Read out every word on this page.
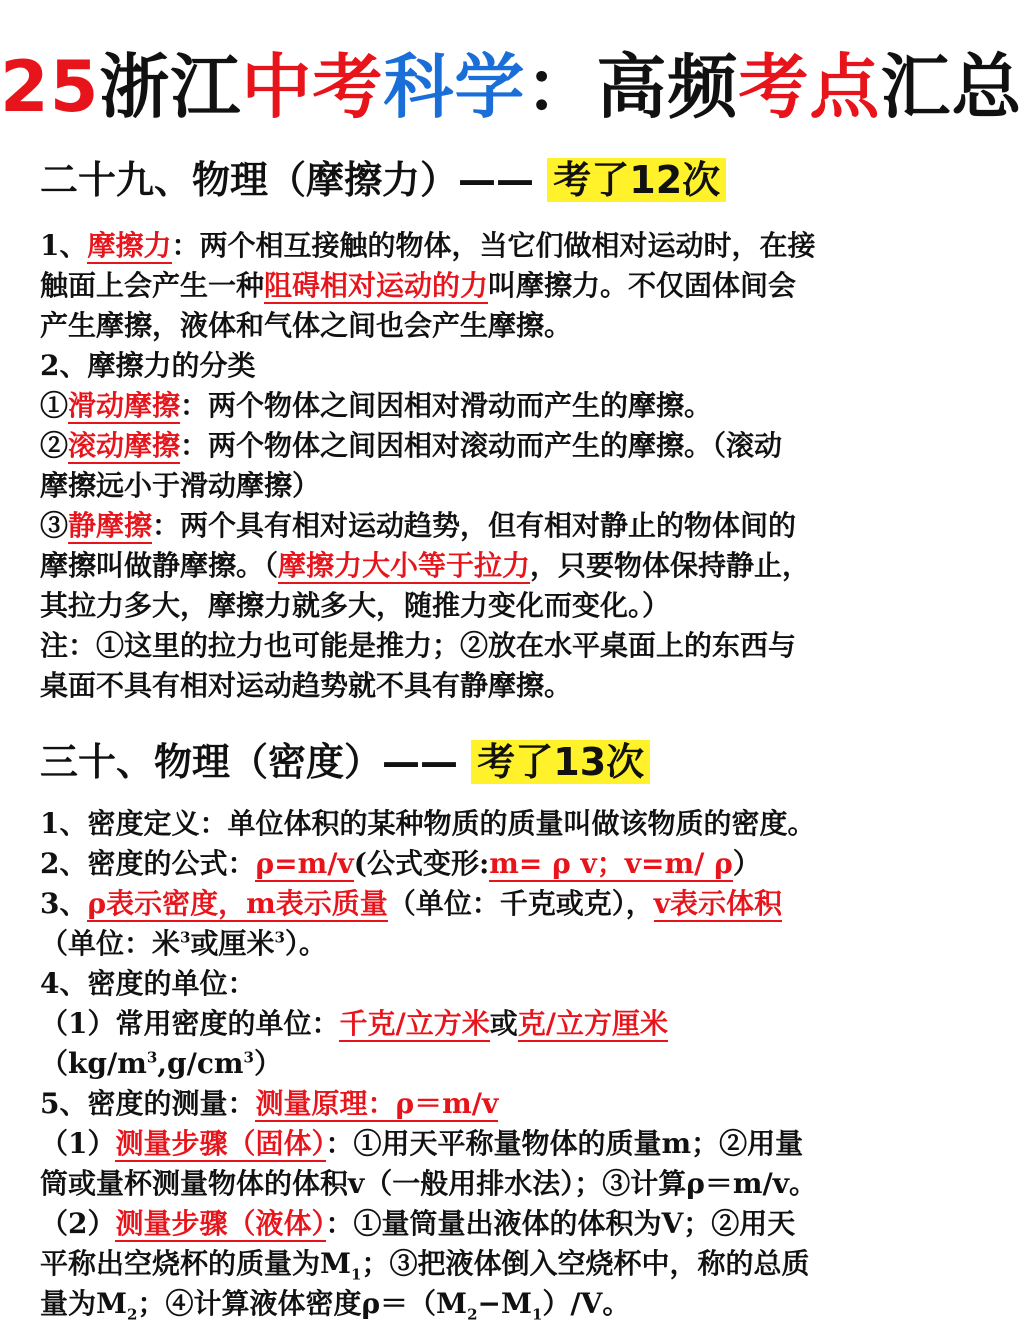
25浙江中考科学：高频考点汇总
二十九、物理（摩擦力）—— 考了12次
1、摩擦力：两个相互接触的物体，当它们做相对运动时，在接
触面上会产生一种阻碍相对运动的力叫摩擦力。不仅固体间会
产生摩擦，液体和气体之间也会产生摩擦。
2、摩擦力的分类
①滑动摩擦：两个物体之间因相对滑动而产生的摩擦。
②滚动摩擦：两个物体之间因相对滚动而产生的摩擦。（滚动
摩擦远小于滑动摩擦）
③静摩擦：两个具有相对运动趋势，但有相对静止的物体间的
摩擦叫做静摩擦。（摩擦力大小等于拉力，只要物体保持静止，
其拉力多大，摩擦力就多大，随推力变化而变化。）
注：①这里的拉力也可能是推力；②放在水平桌面上的东西与
桌面不具有相对运动趋势就不具有静摩擦。
三十、物理（密度）—— 考了13次
1、密度定义：单位体积的某种物质的质量叫做该物质的密度。
2、密度的公式：ρ=m/v(公式变形:m= ρ v；v=m/ ρ）
3、ρ表示密度，m表示质量（单位：千克或克），v表示体积
（单位：米$^3$或厘米$^3$）。
4、密度的单位：
（1）常用密度的单位：千克/立方米或克/立方厘米
$(kg/m^3,g/cm^3)$
5、密度的测量：测量原理：ρ＝m/v
（1）测量步骤（固体）：①用天平称量物体的质量m；②用量
筒或量杯测量物体的体积v（一般用排水法）；③计算ρ＝m/v。
（2）测量步骤（液体）：①量筒量出液体的体积为V；②用天
平称出空烧杯的质量为$M_1$；③把液体倒入空烧杯中，称的总质
量为$M_2$；④计算液体密度$\rho=(M_2-M_1)/V$。
